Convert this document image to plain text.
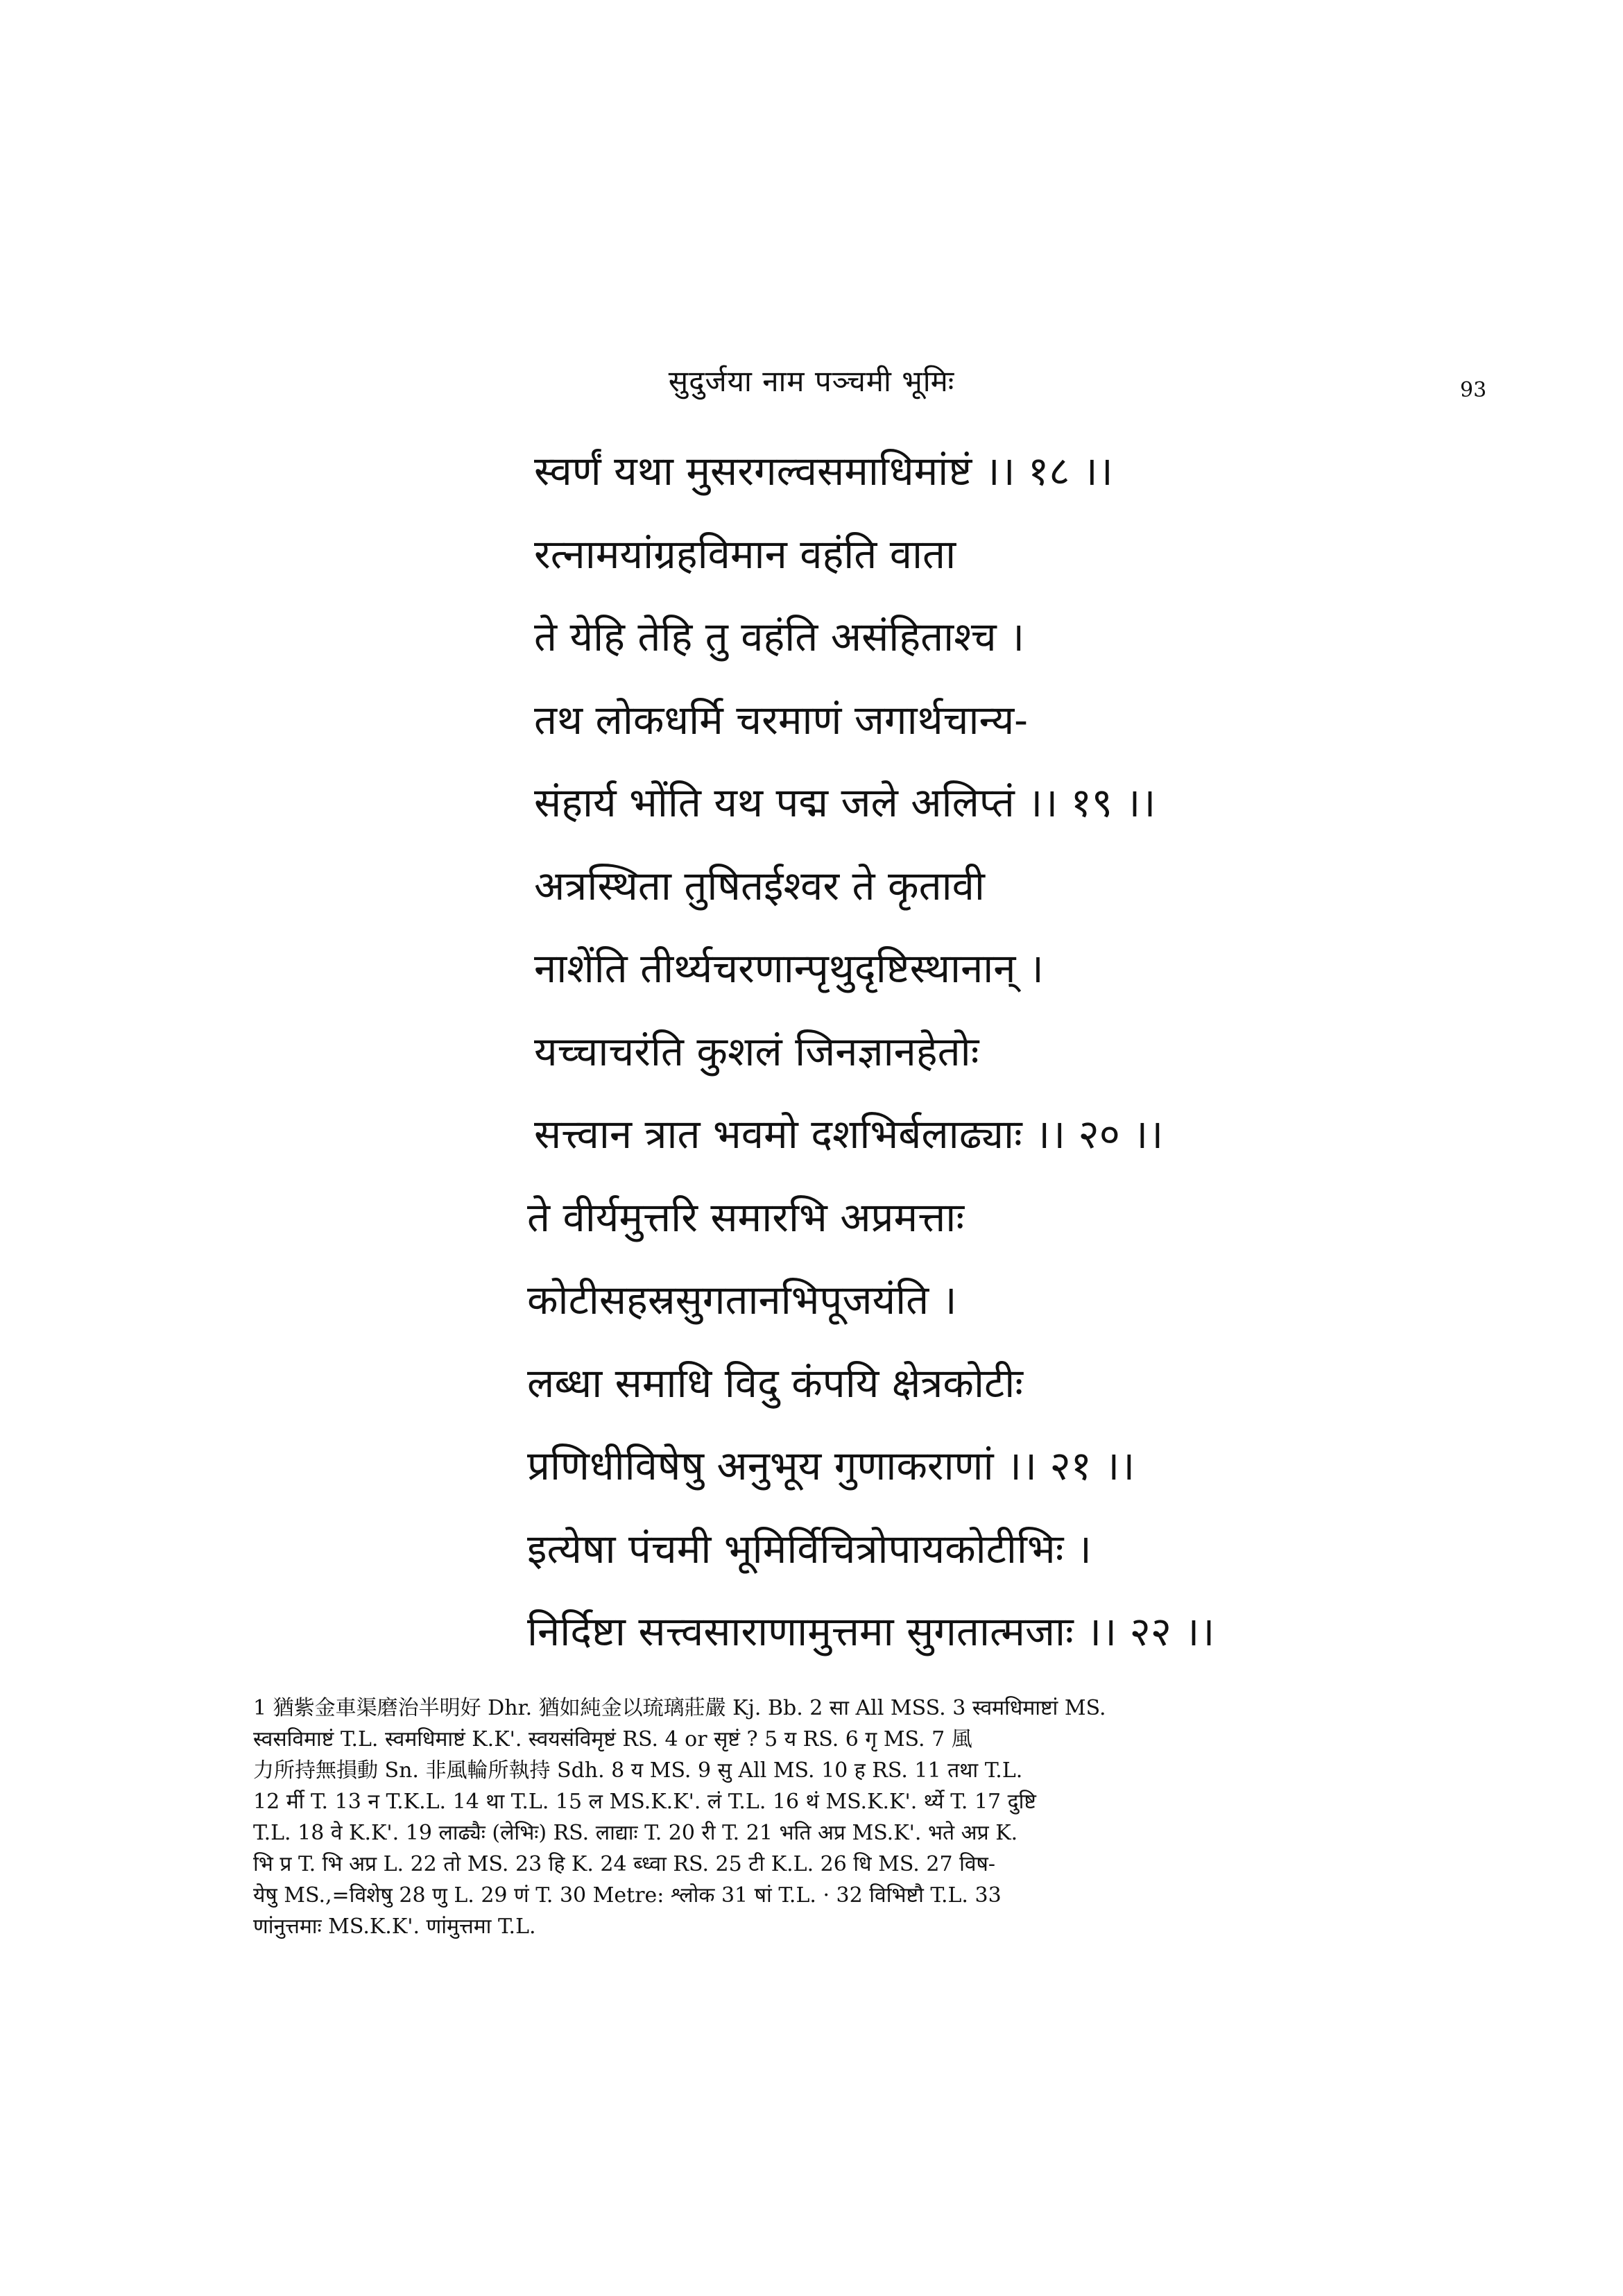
सुदुर्जया नाम पञ्चमी भूमिः	93
स्वर्णं यथा मुसरगल्वसमाधिमांष्टं ।। १८ ।।
रत्नामयांग्रहविमान वहंति वाता
ते येहि तेहि तु वहंति असंहिताश्च ।
तथ लोकधर्मि चरमाणं जगार्थचान्य-
संहार्य भोंति यथ पद्म जले अलिप्तं ।। १९ ।।
अत्रस्थिता तुषितईश्वर ते कृतावी
नाशेंति तीर्थ्यचरणान्पृथुदृष्टिस्थानान् ।
यच्चाचरंति कुशलं जिनज्ञानहेतोः
सत्त्वान त्रात भवमो दशभिर्बलाढ्याः ।। २० ।।
ते वीर्यमुत्तरि समारभि अप्रमत्ताः
कोटीसहस्रसुगतानभिपूजयंति ।
लब्धा समाधि विदु कंपयि क्षेत्रकोटीः
प्रणिधीविषेषु अनुभूय गुणाकराणां ।। २१ ।।
इत्येषा पंचमी भूमिर्विचित्रोपायकोटीभिः ।
निर्दिष्टा सत्त्वसाराणामुत्तमा सुगतात्मजाः ।। २२ ।।
1 猶紫金車渠磨治半明好 Dhr. 猶如純金以琉璃莊嚴 Kj. Bb. 2 सा All MSS. 3 स्वमधिमाष्टां MS.
स्वसविमाष्टं T.L. स्वमधिमाष्टं K.K'. स्वयसंविमृष्टं RS. 4 or सृष्टं ? 5 य RS. 6 गृ MS. 7 風
力所持無損動 Sn. 非風輪所執持 Sdh. 8 य MS. 9 सु All MS. 10 ह RS. 11 तथा T.L.
12 र्मी T. 13 न T.K.L. 14 था T.L. 15 ल MS.K.K'. लं T.L. 16 थं MS.K.K'. र्थ्ये T. 17 दुष्टि
T.L. 18 वे K.K'. 19 लाढ्यैः (लेभिः) RS. लाद्याः T. 20 री T. 21 भति अप्र MS.K'. भते अप्र K.
भि प्र T. भि अप्र L. 22 तो MS. 23 हि K. 24 ब्ध्वा RS. 25 टी K.L. 26 धि MS. 27 विष-
येषु MS.,=विशेषु 28 णु L. 29 णं T. 30 Metre: श्लोक 31 षां T.L. · 32 विभिष्टौ T.L. 33
णांनुत्तमाः MS.K.K'. णांमुत्तमा T.L.
